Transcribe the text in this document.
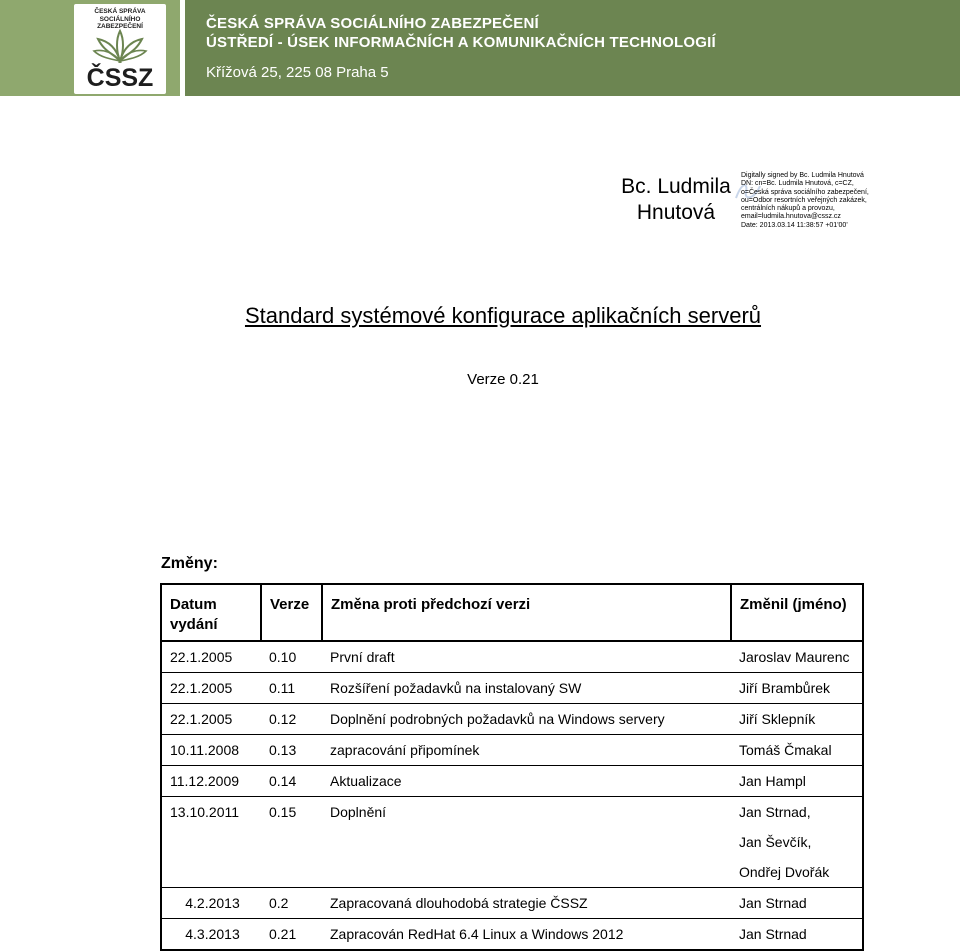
ČESKÁ SPRÁVA SOCIÁLNÍHO ZABEZPEČENÍ
ČSSZ
ČESKÁ SPRÁVA SOCIÁLNÍHO ZABEZPEČENÍ
ÚSTŘEDÍ - ÚSEK INFORMAČNÍCH A KOMUNIKAČNÍCH TECHNOLOGIÍ
Křížová 25, 225 08 Praha 5
Bc. Ludmila
Hnutová
Digitally signed by Bc. Ludmila Hnutová
DN: cn=Bc. Ludmila Hnutová, c=CZ,
o=Česká správa sociálního zabezpečení,
ou=Odbor resortních veřejných zakázek,
centrálních nákupů a provozu,
email=ludmila.hnutova@cssz.cz
Date: 2013.03.14 11:38:57 +01'00'
Standard systémové konfigurace aplikačních serverů
Verze 0.21
Změny:
Datum vydání	Verze	Změna proti předchozí verzi	Změnil (jméno)
22.1.2005	0.10	První draft	Jaroslav Maurenc
22.1.2005	0.11	Rozšíření požadavků na instalovaný SW	Jiří Brambůrek
22.1.2005	0.12	Doplnění podrobných požadavků na Windows servery	Jiří Sklepník
10.11.2008	0.13	zapracování připomínek	Tomáš Čmakal
11.12.2009	0.14	Aktualizace	Jan Hampl
13.10.2011	0.15	Doplnění	Jan Strnad,
Jan Ševčík,
Ondřej Dvořák

4.2.2013	0.2	Zapracovaná dlouhodobá strategie ČSSZ	Jan Strnad
4.3.2013	0.21	Zapracován RedHat 6.4 Linux a Windows 2012	Jan Strnad
